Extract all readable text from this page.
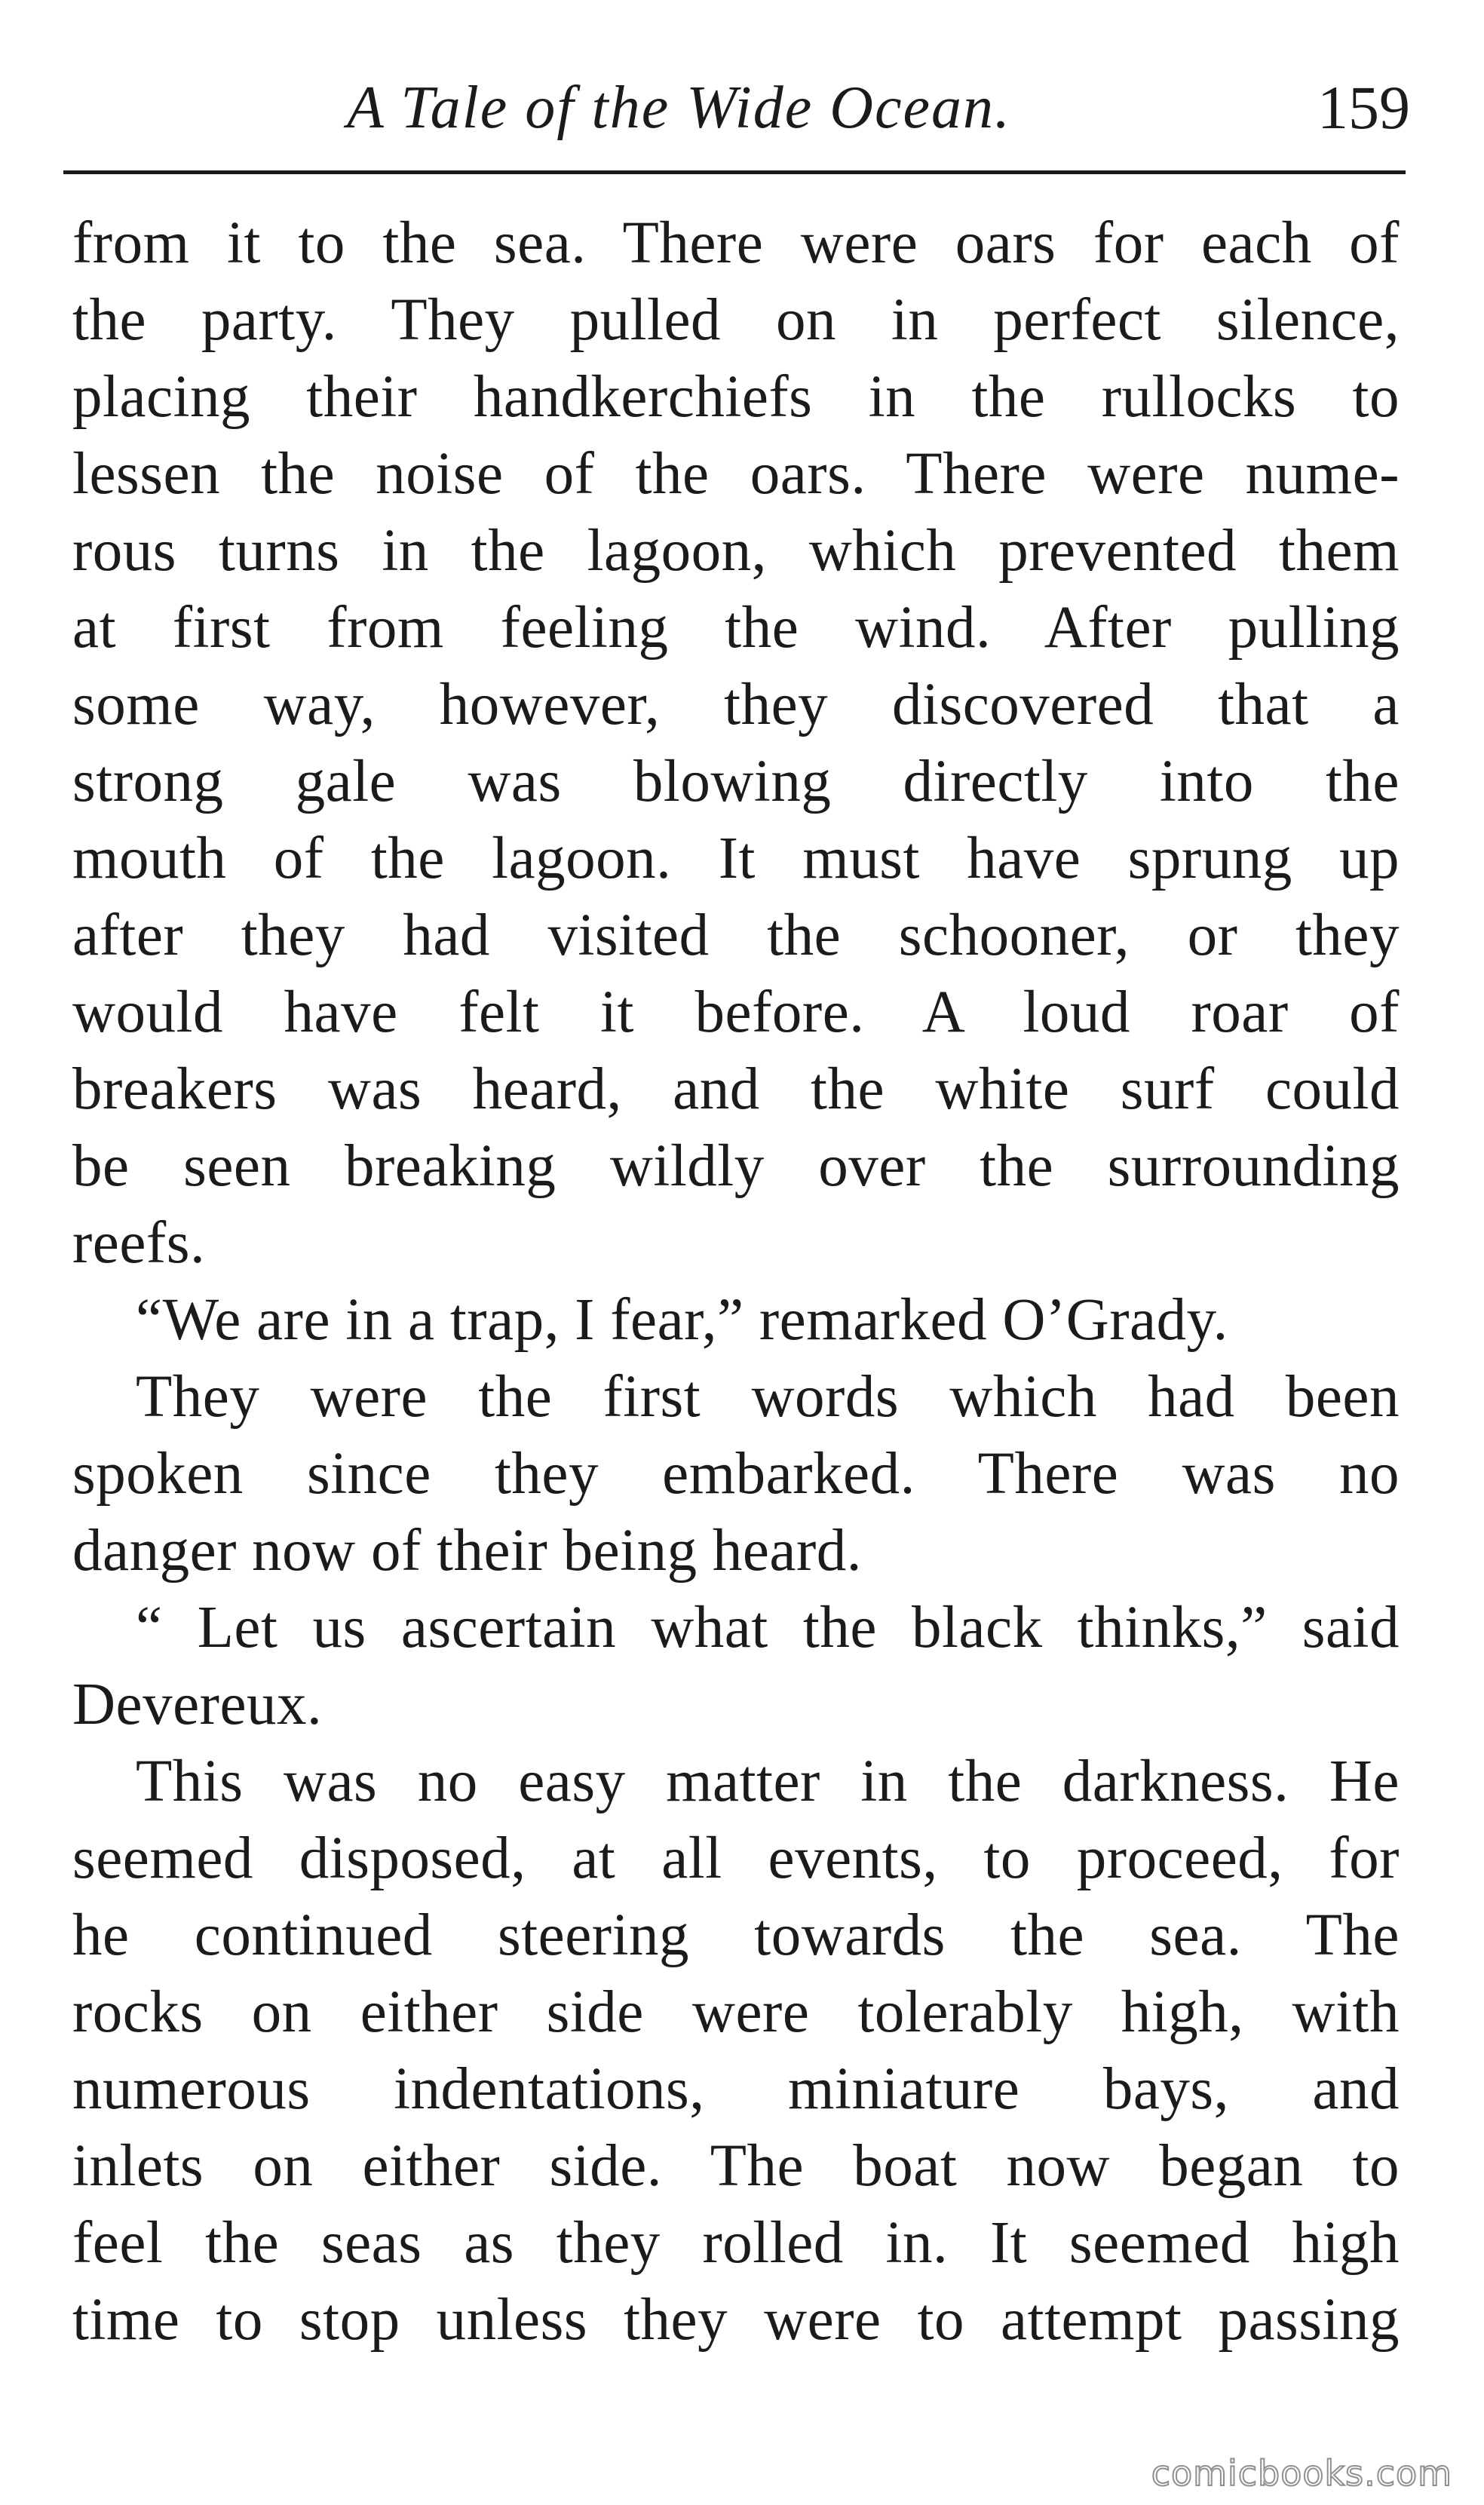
A Tale of the Wide Ocean.	159
from it to the sea. There were oars for each of
the party. They pulled on in perfect silence,
placing their handkerchiefs in the rullocks to
lessen the noise of the oars. There were nume-
rous turns in the lagoon, which prevented them
at first from feeling the wind. After pulling
some way, however, they discovered that a
strong gale was blowing directly into the
mouth of the lagoon. It must have sprung up
after they had visited the schooner, or they
would have felt it before. A loud roar of
breakers was heard, and the white surf could
be seen breaking wildly over the surrounding
reefs.
“We are in a trap, I fear,” remarked O’Grady.
They were the first words which had been
spoken since they embarked. There was no
danger now of their being heard.
“ Let us ascertain what the black thinks,” said
Devereux.
This was no easy matter in the darkness. He
seemed disposed, at all events, to proceed, for
he continued steering towards the sea. The
rocks on either side were tolerably high, with
numerous indentations, miniature bays, and
inlets on either side. The boat now began to
feel the seas as they rolled in. It seemed high
time to stop unless they were to attempt passing
comicbooks.com
